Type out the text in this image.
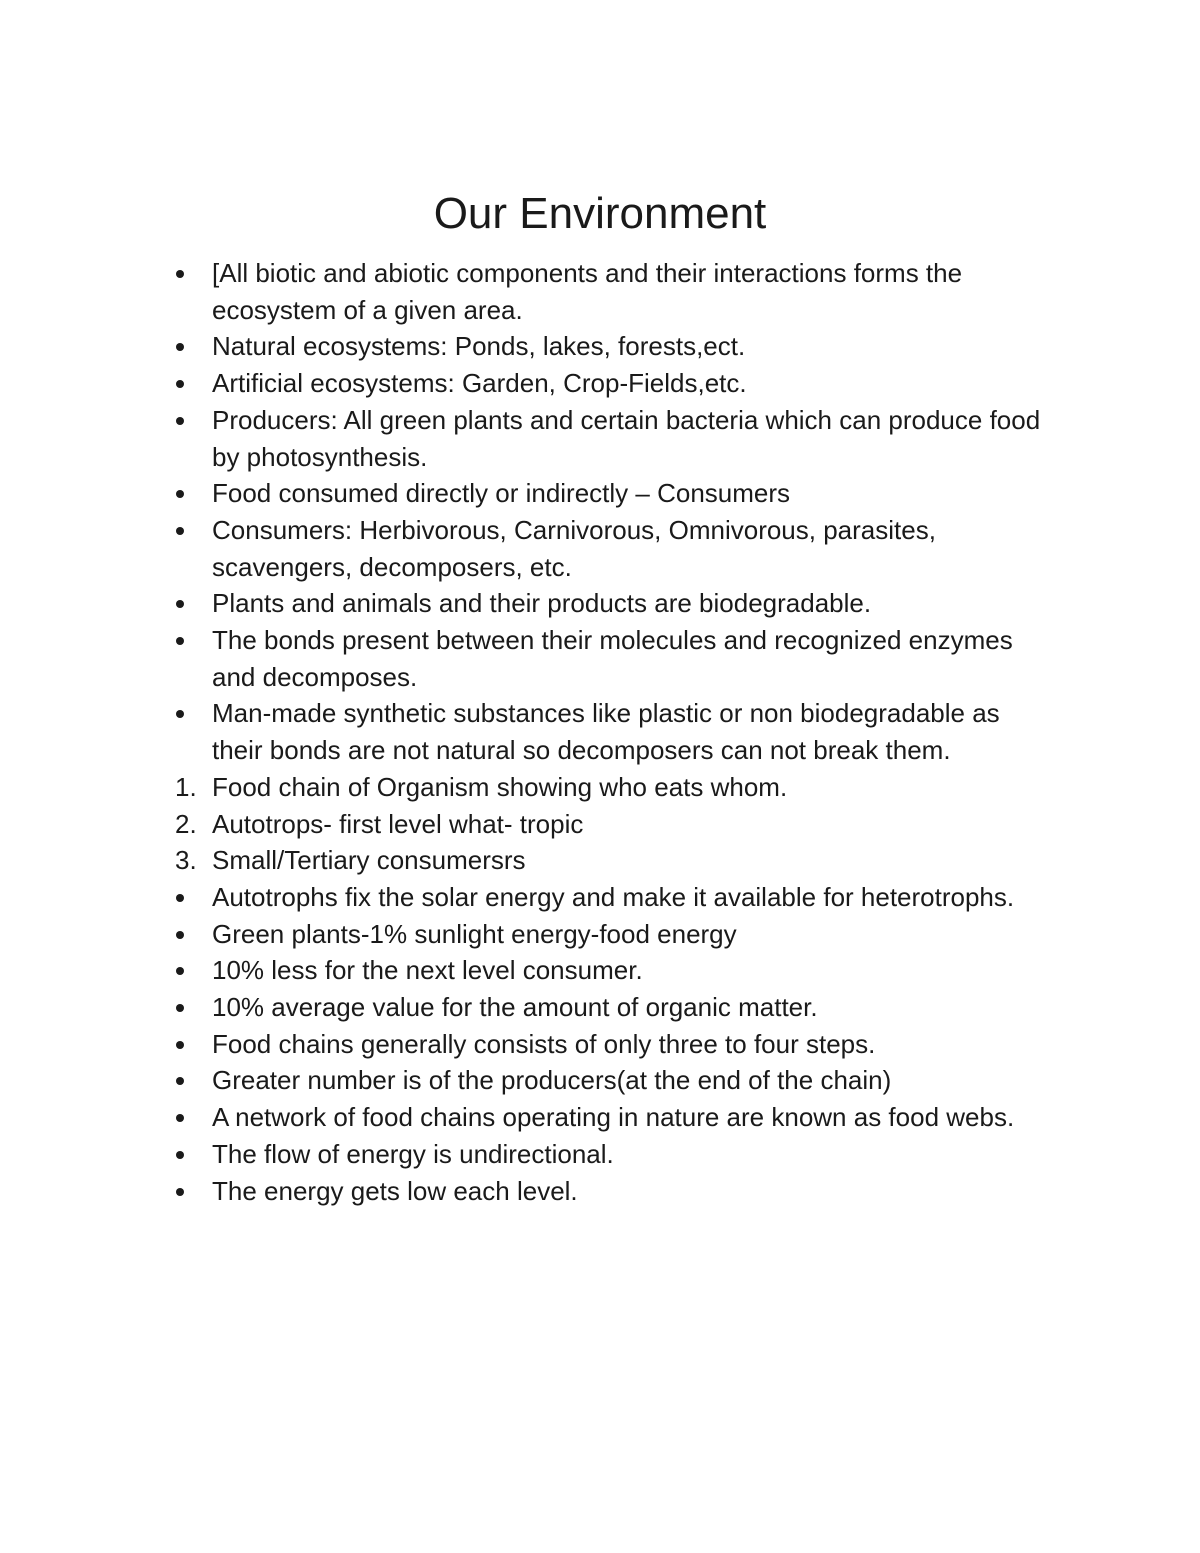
Our Environment
[All biotic and abiotic components and their interactions forms the ecosystem of a given area.
Natural ecosystems: Ponds, lakes, forests,ect.
Artificial ecosystems: Garden, Crop-Fields,etc.
Producers: All green plants and certain bacteria which can produce food by photosynthesis.
Food consumed directly or indirectly – Consumers
Consumers: Herbivorous, Carnivorous, Omnivorous, parasites, scavengers, decomposers, etc.
Plants and animals and their products are biodegradable.
The bonds present between their molecules and recognized enzymes and decomposes.
Man-made synthetic substances like plastic or non biodegradable as their bonds are not natural so decomposers can not break them.
1. Food chain of Organism showing who eats whom.
2. Autotrops- first level what- tropic
3. Small/Tertiary consumersrs
Autotrophs fix the solar energy and make it available for heterotrophs.
Green plants-1% sunlight energy-food energy
10% less for the next level consumer.
10% average value for the amount of organic matter.
Food chains generally consists of only three to four steps.
Greater number is of the producers(at the end of the chain)
A network of food chains operating in nature are known as food webs.
The flow of energy is undirectional.
The energy gets low each level.
